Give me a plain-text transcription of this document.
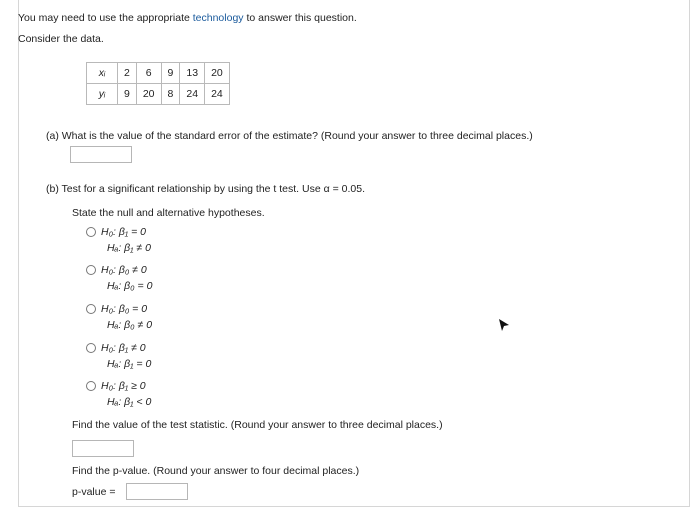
You may need to use the appropriate technology to answer this question.
Consider the data.
xᵢ	2	6	9	13	20
yᵢ	9	20	8	24	24
(a) What is the value of the standard error of the estimate? (Round your answer to three decimal places.)
(b) Test for a significant relationship by using the t test. Use α = 0.05.
State the null and alternative hypotheses.
H₀: β₁ = 0
Hₐ: β₁ ≠ 0
H₀: β₀ ≠ 0
Hₐ: β₀ = 0
H₀: β₀ = 0
Hₐ: β₀ ≠ 0
H₀: β₁ ≠ 0
Hₐ: β₁ = 0
H₀: β₁ ≥ 0
Hₐ: β₁ < 0
Find the value of the test statistic. (Round your answer to three decimal places.)
Find the p-value. (Round your answer to four decimal places.)
p-value =
